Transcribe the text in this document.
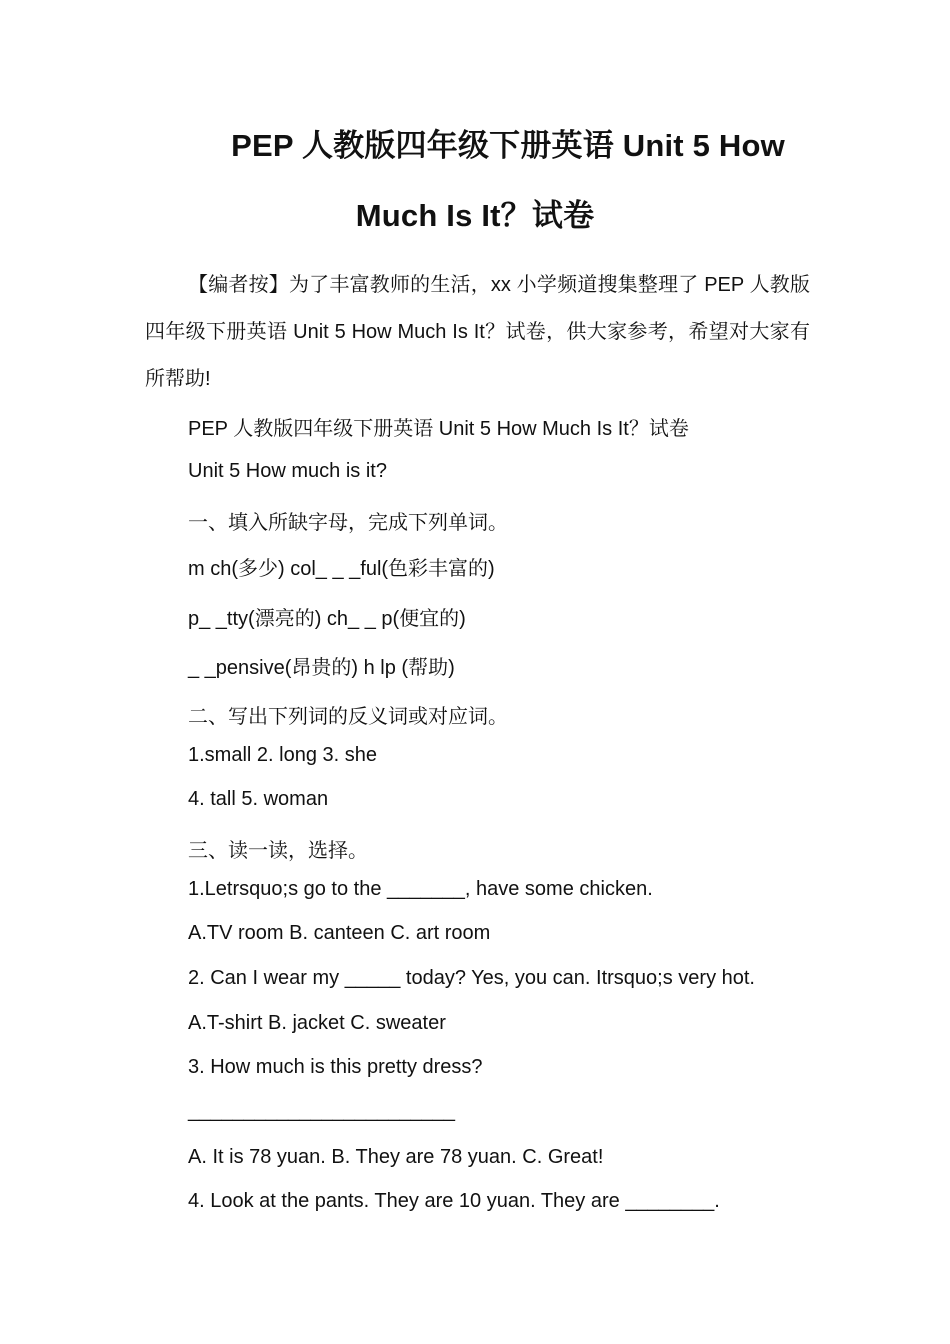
PEP 人教版四年级下册英语 Unit 5 How
Much Is It？试卷
【编者按】为了丰富教师的生活，xx 小学频道搜集整理了 PEP 人教版四年级下册英语 Unit 5 How Much Is It？试卷，供大家参考，希望对大家有所帮助!
PEP 人教版四年级下册英语 Unit 5 How Much Is It？试卷
Unit 5 How much is it?
一、填入所缺字母，完成下列单词。
m ch(多少) col_ _ _ful(色彩丰富的)
p_ _tty(漂亮的) ch_ _ p(便宜的)
_ _pensive(昂贵的) h lp (帮助)
二、写出下列词的反义词或对应词。
1.small 2. long 3. she
4. tall 5. woman
三、读一读，选择。
1.Letrsquo;s go to the _______, have some chicken.
A.TV room B. canteen C. art room
2. Can I wear my _____ today? Yes, you can. Itrsquo;s very hot.
A.T-shirt B. jacket C. sweater
3. How much is this pretty dress?
________________________
A. It is 78 yuan. B. They are 78 yuan. C. Great!
4. Look at the pants. They are 10 yuan. They are ________.
